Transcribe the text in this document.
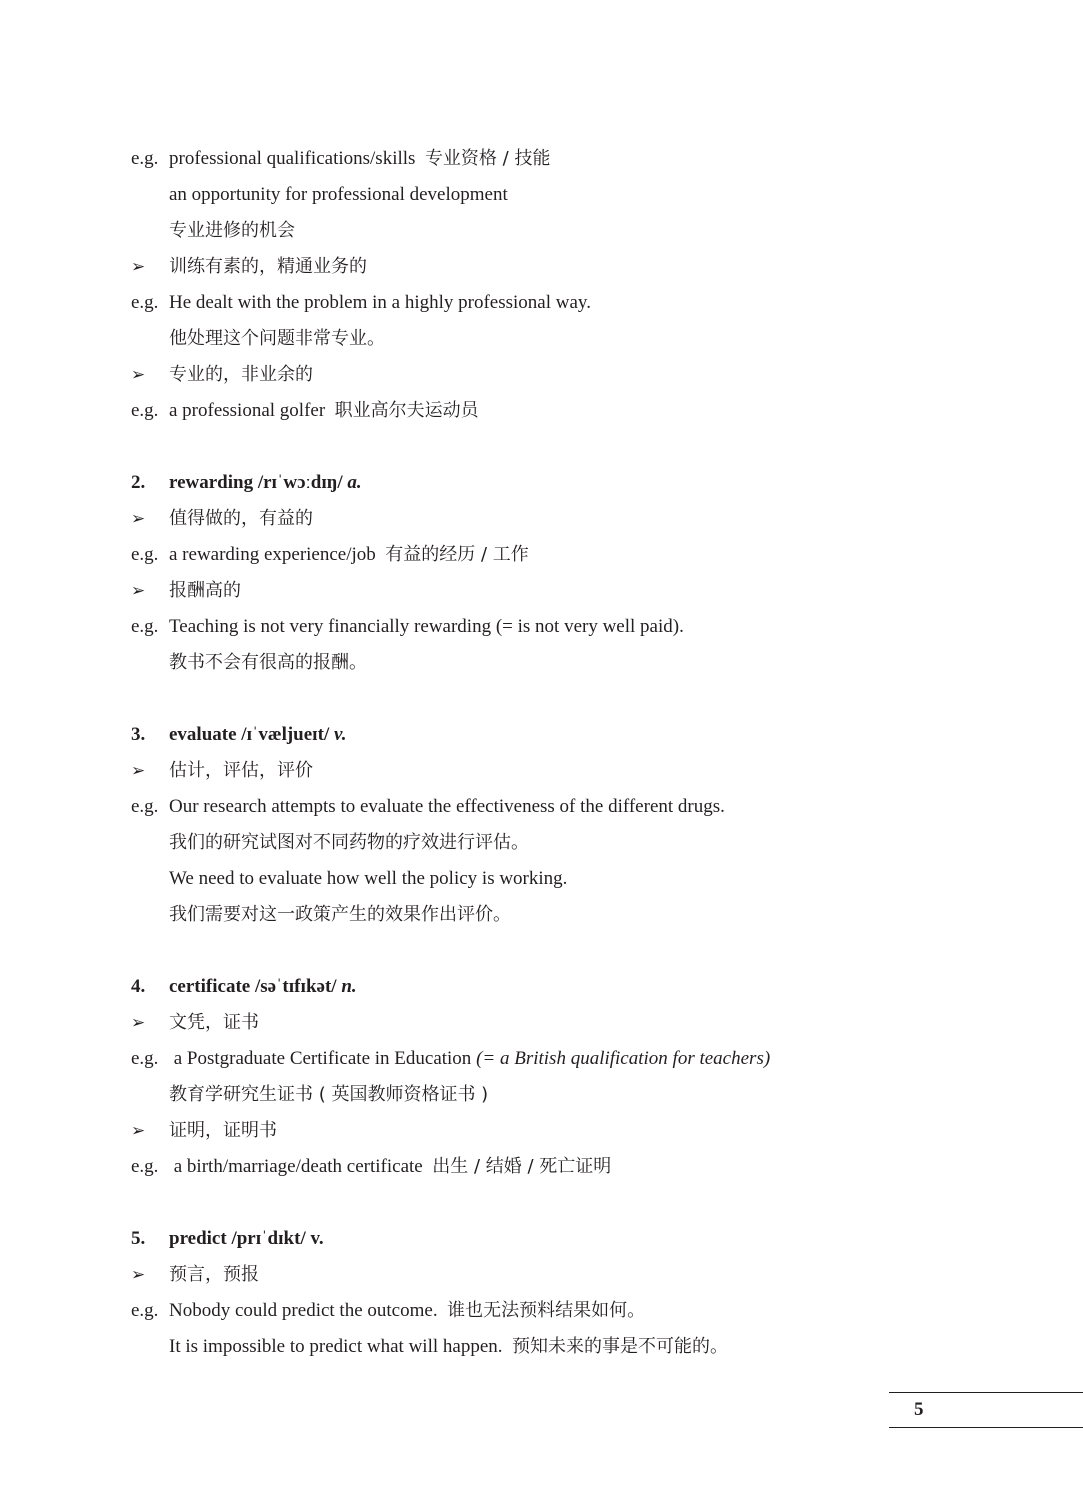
e.g. professional qualifications/skills  专业资格 / 技能
an opportunity for professional development
专业进修的机会
➢ 训练有素的，精通业务的
e.g. He dealt with the problem in a highly professional way.
他处理这个问题非常专业。
➢ 专业的，非业余的
e.g. a professional golfer  职业高尔夫运动员
2. rewarding /rɪˈwɔːdɪŋ/ a.
➢ 值得做的，有益的
e.g. a rewarding experience/job  有益的经历 / 工作
➢ 报酬高的
e.g. Teaching is not very financially rewarding (= is not very well paid).
教书不会有很高的报酬。
3. evaluate /ɪˈvæljueɪt/ v.
➢ 估计，评估，评价
e.g. Our research attempts to evaluate the effectiveness of the different drugs.
我们的研究试图对不同药物的疗效进行评估。
We need to evaluate how well the policy is working.
我们需要对这一政策产生的效果作出评价。
4. certificate /səˈtɪfɪkət/ n.
➢ 文凭，证书
e.g. a Postgraduate Certificate in Education (= a British qualification for teachers)
教育学研究生证书 ( 英国教师资格证书 )
➢ 证明，证明书
e.g. a birth/marriage/death certificate  出生 / 结婚 / 死亡证明
5. predict /prɪˈdɪkt/ v.
➢ 预言，预报
e.g. Nobody could predict the outcome.  谁也无法预料结果如何。
It is impossible to predict what will happen.  预知未来的事是不可能的。
5
